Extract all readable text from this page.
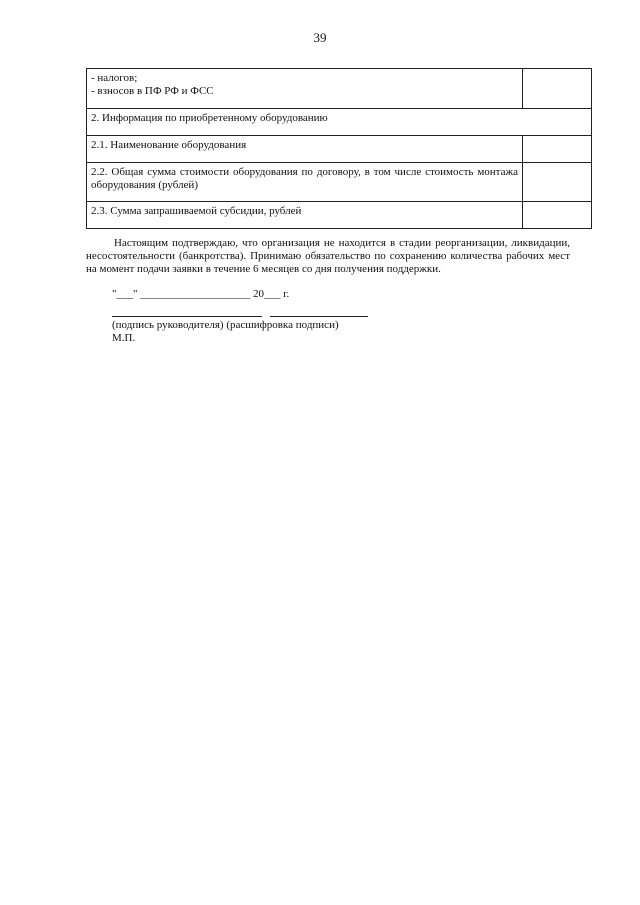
39
- налогов;
- взносов в ПФ РФ и ФСС	

2. Информация по приобретенному оборудованию	
2.1. Наименование оборудования	
2.2. Общая сумма стоимости оборудования по договору, в том числе стоимость монтажа оборудования (рублей)	
2.3. Сумма запрашиваемой субсидии, рублей	

Настоящим подтверждаю, что организация не находится в стадии реорганизации, ликвидации, несостоятельности (банкротства). Принимаю обязательство по сохранению количества рабочих мест на момент подачи заявки в течение 6 месяцев со дня получения поддержки.

"___" ____________________ 20___ г.
(подпись руководителя) (расшифровка подписи)
М.П.
